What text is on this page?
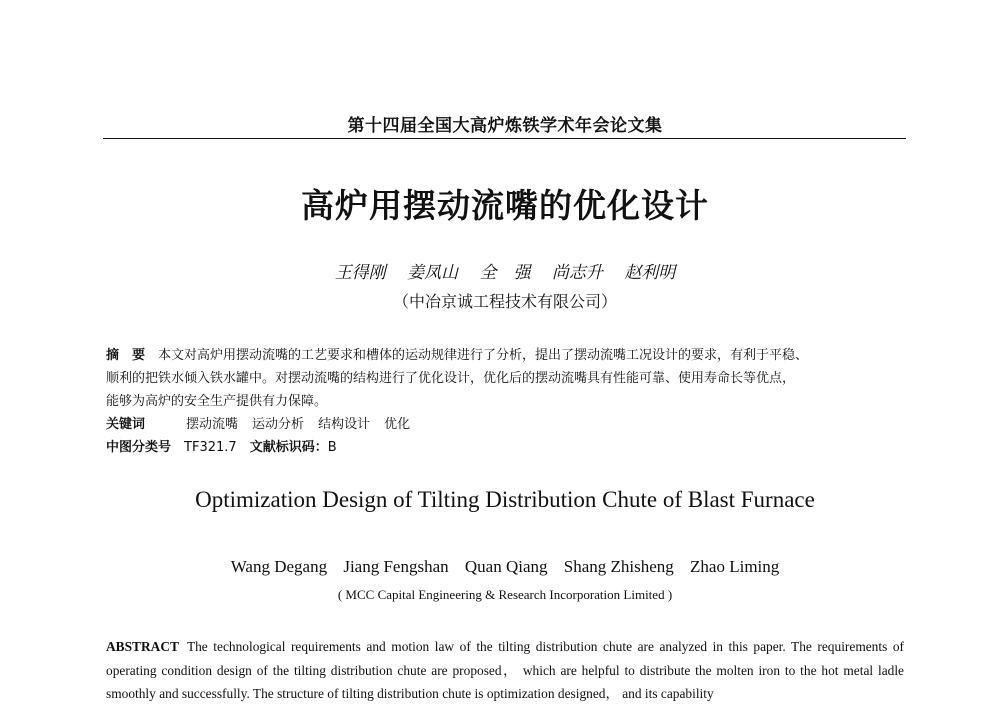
第十四届全国大高炉炼铁学术年会论文集
高炉用摆动流嘴的优化设计
王得刚 姜凤山 全　强 尚志升 赵利明
（中冶京诚工程技术有限公司）
摘　要　 本文对高炉用摆动流嘴的工艺要求和槽体的运动规律进行了分析，提出了摆动流嘴工况设计的要求，有利于平稳、
顺利的把铁水倾入铁水罐中。对摆动流嘴的结构进行了优化设计，优化后的摆动流嘴具有性能可靠、使用寿命长等优点，
能够为高炉的安全生产提供有力保障。
关键词　	摆动流嘴 运动分析 结构设计 优化
中图分类号　 TF321.7　 文献标识码：B
Optimization Design of Tilting Distribution Chute of Blast Furnace
Wang Degang Jiang Fengshan Quan Qiang Shang Zhisheng Zhao Liming
( MCC Capital Engineering & Research Incorporation Limited )
ABSTRACT The technological requirements and motion law of the tilting distribution chute are analyzed in this paper. The requirements of operating condition design of the tilting distribution chute are proposed， which are helpful to distribute the molten iron to the hot metal ladle smoothly and successfully. The structure of tilting distribution chute is optimization designed， and its capability
